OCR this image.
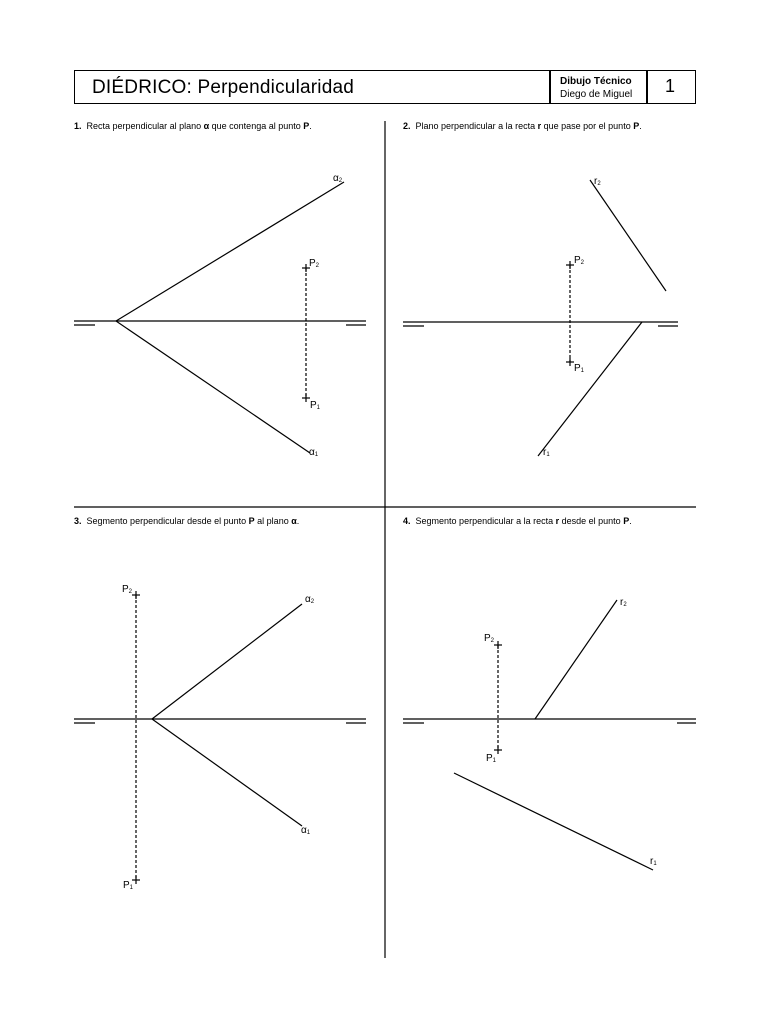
DIÉDRICO: Perpendicularidad	Dibujo Técnico
Diego de Miguel 1
1. Recta perpendicular al plano α que contenga al punto P.	2. Plano perpendicular a la recta r que pase por el punto P.
3. Segmento perpendicular desde el punto P al plano α.	4. Segmento perpendicular a la recta r desde el punto P.
α2
P2
P1
α1
r2
P2
P1
r1
P2
α2
α1
P1
r2
P2
P1
r1
